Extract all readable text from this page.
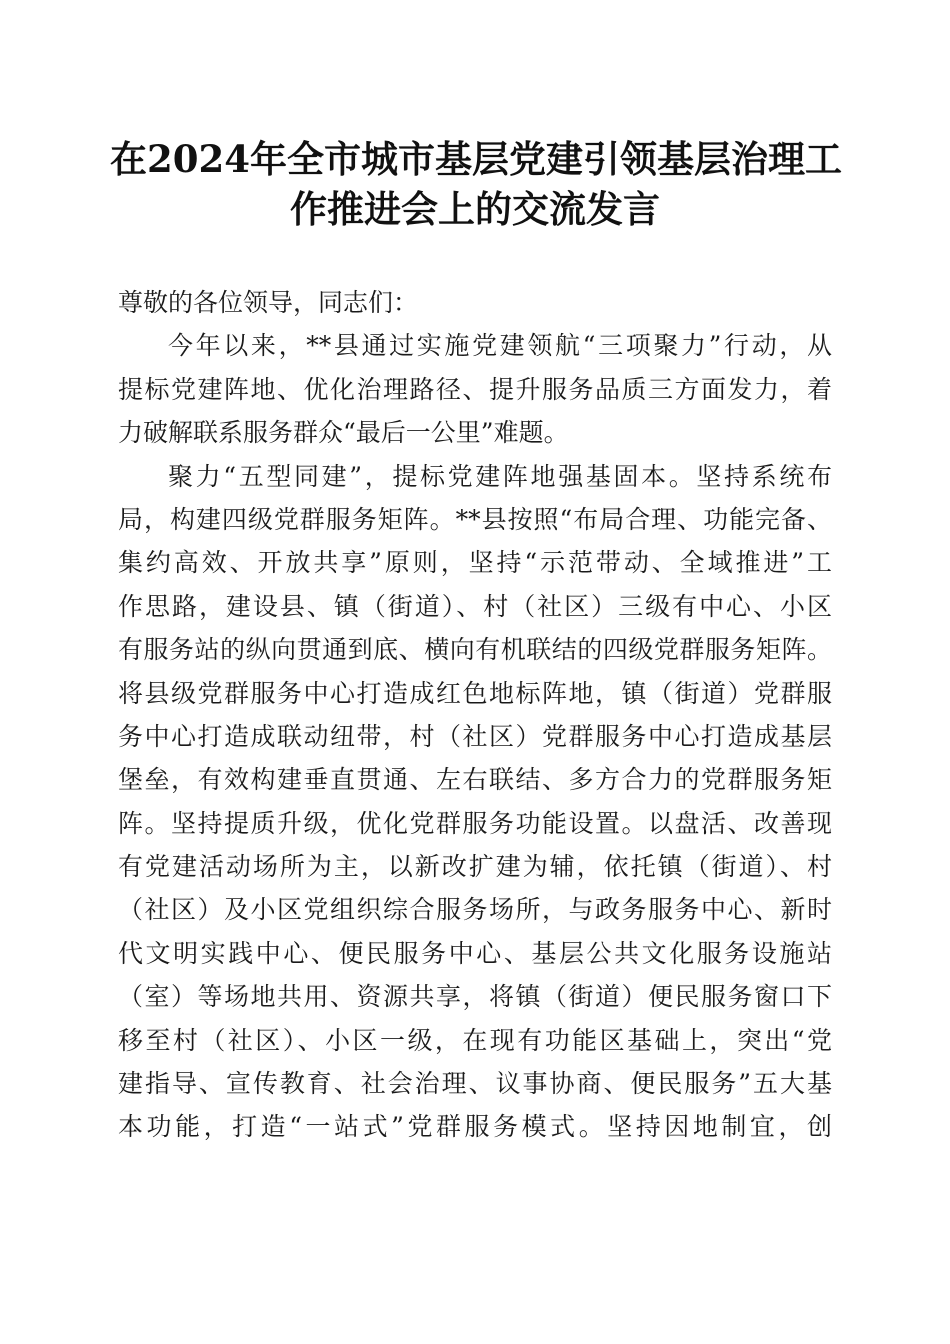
在2024年全市城市基层党建引领基层治理工
作推进会上的交流发言
尊敬的各位领导，同志们：
今年以来，**县通过实施党建领航“三项聚力”行动，从
提标党建阵地、优化治理路径、提升服务品质三方面发力，着
力破解联系服务群众“最后一公里”难题。
聚力“五型同建”，提标党建阵地强基固本。坚持系统布
局，构建四级党群服务矩阵。**县按照“布局合理、功能完备、
集约高效、开放共享”原则，坚持“示范带动、全域推进”工
作思路，建设县、镇（街道）、村（社区）三级有中心、小区
有服务站的纵向贯通到底、横向有机联结的四级党群服务矩阵。
将县级党群服务中心打造成红色地标阵地，镇（街道）党群服
务中心打造成联动纽带，村（社区）党群服务中心打造成基层
堡垒，有效构建垂直贯通、左右联结、多方合力的党群服务矩
阵。坚持提质升级，优化党群服务功能设置。以盘活、改善现
有党建活动场所为主，以新改扩建为辅，依托镇（街道）、村
（社区）及小区党组织综合服务场所，与政务服务中心、新时
代文明实践中心、便民服务中心、基层公共文化服务设施站
（室）等场地共用、资源共享，将镇（街道）便民服务窗口下
移至村（社区）、小区一级，在现有功能区基础上，突出“党
建指导、宣传教育、社会治理、议事协商、便民服务”五大基
本功能，打造“一站式”党群服务模式。坚持因地制宜，创
